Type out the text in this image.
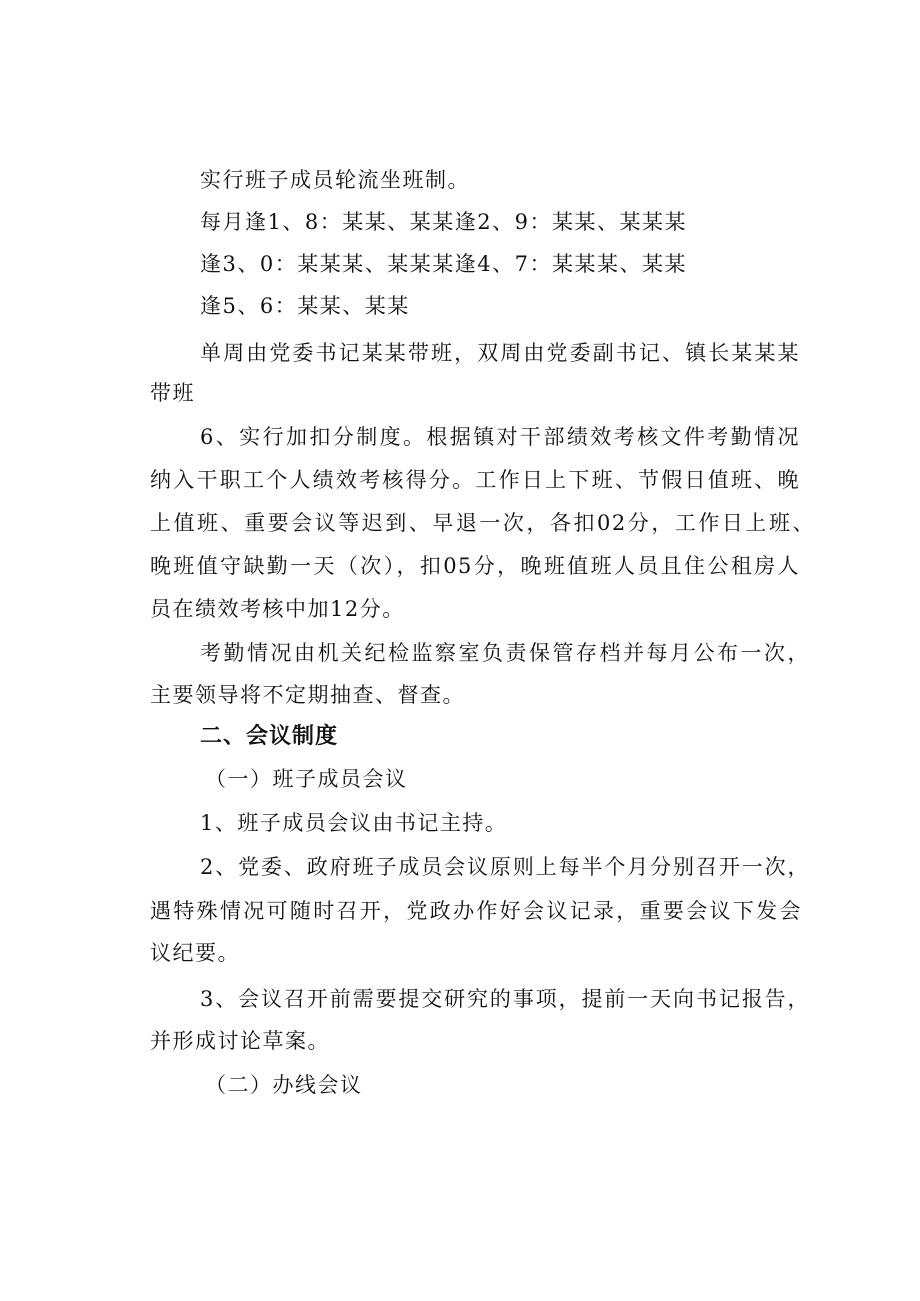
实行班子成员轮流坐班制。
每月逢1、8：某某、某某逢2、9：某某、某某某
逢3、0：某某某、某某某逢4、7：某某某、某某
逢5、6：某某、某某
单周由党委书记某某带班，双周由党委副书记、镇长某某某
带班
6、实行加扣分制度。根据镇对干部绩效考核文件考勤情况
纳入干职工个人绩效考核得分。工作日上下班、节假日值班、晚
上值班、重要会议等迟到、早退一次，各扣02分，工作日上班、
晚班值守缺勤一天（次），扣05分，晚班值班人员且住公租房人
员在绩效考核中加12分。
考勤情况由机关纪检监察室负责保管存档并每月公布一次，
主要领导将不定期抽查、督查。
二、会议制度
（一）班子成员会议
1、班子成员会议由书记主持。
2、党委、政府班子成员会议原则上每半个月分别召开一次，
遇特殊情况可随时召开，党政办作好会议记录，重要会议下发会
议纪要。
3、会议召开前需要提交研究的事项，提前一天向书记报告，
并形成讨论草案。
（二）办线会议
